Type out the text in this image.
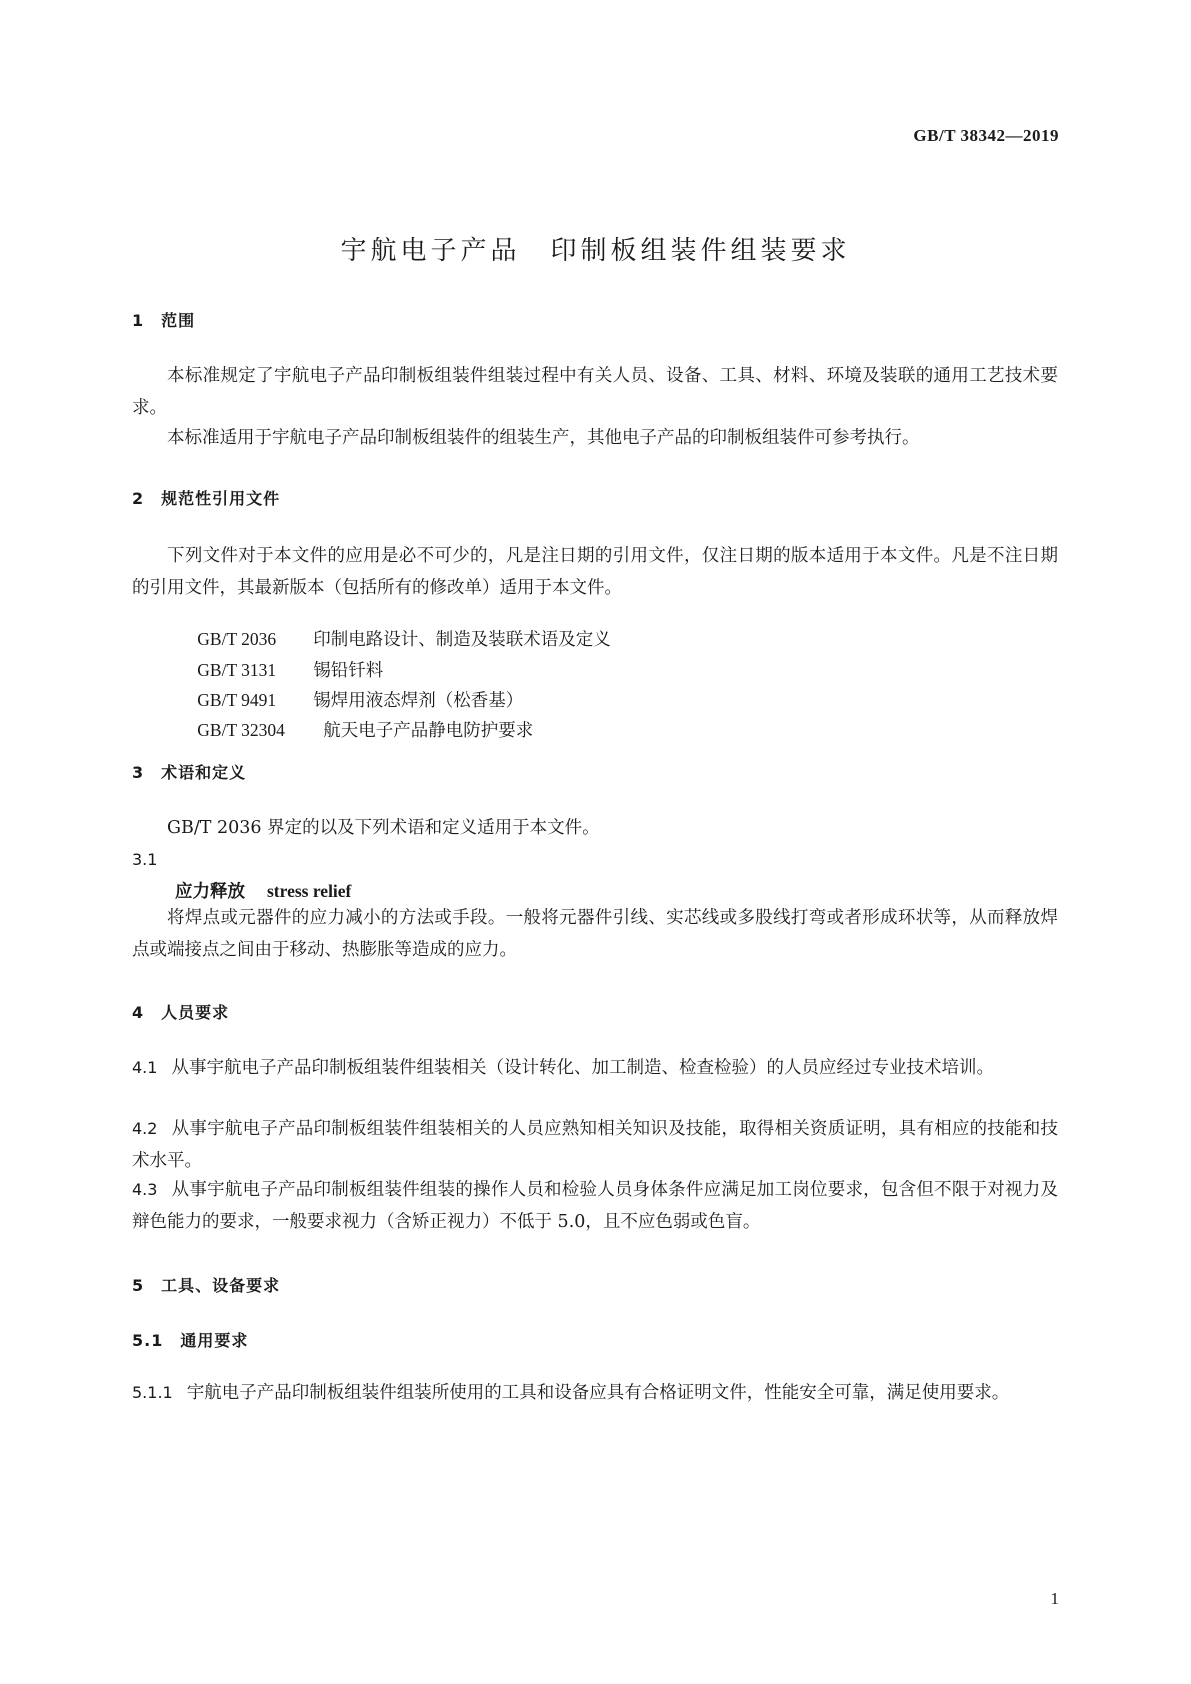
GB/T 38342—2019
宇航电子产品　印制板组装件组装要求
1　范围

本标准规定了宇航电子产品印制板组装件组装过程中有关人员、设备、工具、材料、环境及装联的通用工艺技术要求。

本标准适用于宇航电子产品印制板组装件的组装生产，其他电子产品的印制板组装件可参考执行。

2　规范性引用文件

下列文件对于本文件的应用是必不可少的，凡是注日期的引用文件，仅注日期的版本适用于本文件。凡是不注日期的引用文件，其最新版本（包括所有的修改单）适用于本文件。

GB/T 2036 印制电路设计、制造及装联术语及定义

GB/T 3131 锡铅钎料

GB/T 9491 锡焊用液态焊剂（松香基）

GB/T 32304 航天电子产品静电防护要求

3　术语和定义

GB/T 2036 界定的以及下列术语和定义适用于本文件。

3.1
应力释放 stress relief

将焊点或元器件的应力减小的方法或手段。一般将元器件引线、实芯线或多股线打弯或者形成环状等，从而释放焊点或端接点之间由于移动、热膨胀等造成的应力。

4　人员要求

4.1 从事宇航电子产品印制板组装件组装相关（设计转化、加工制造、检查检验）的人员应经过专业技术培训。

4.2 从事宇航电子产品印制板组装件组装相关的人员应熟知相关知识及技能，取得相关资质证明，具有相应的技能和技术水平。

4.3 从事宇航电子产品印制板组装件组装的操作人员和检验人员身体条件应满足加工岗位要求，包含但不限于对视力及辩色能力的要求，一般要求视力（含矫正视力）不低于 5.0，且不应色弱或色盲。

5　工具、设备要求
5.1　通用要求

5.1.1 宇航电子产品印制板组装件组装所使用的工具和设备应具有合格证明文件，性能安全可靠，满足使用要求。

1
